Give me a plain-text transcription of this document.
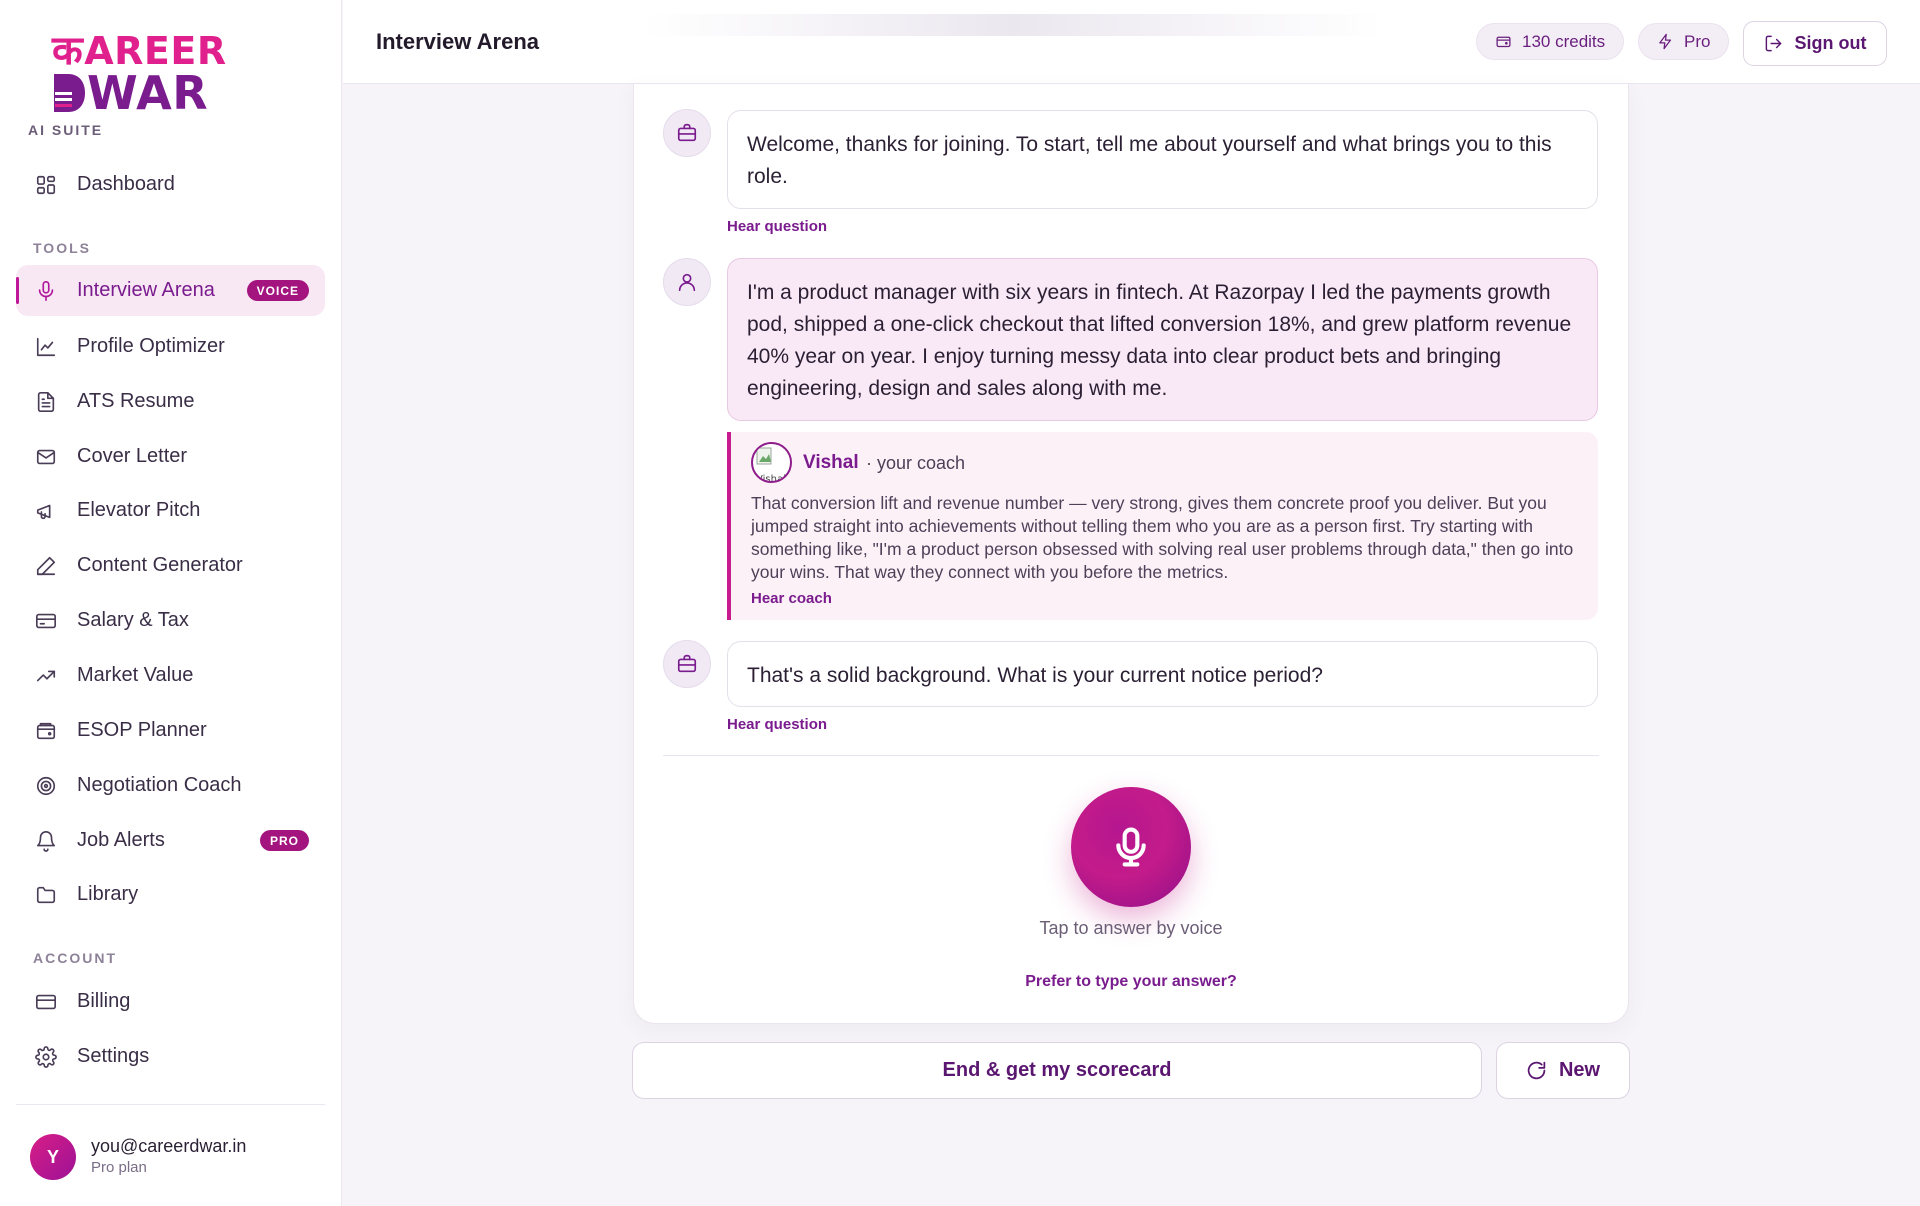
क AREER
WAR
AI SUITE
Dashboard
TOOLS
Interview Arena	VOICE
Profile Optimizer
ATS Resume
Cover Letter
Elevator Pitch
Content Generator
Salary & Tax
Market Value
ESOP Planner
Negotiation Coach
Job Alerts	PRO
Library
ACCOUNT
Billing
Settings
Y
you@careerdwar.in
Pro plan
Interview Arena	130 credits	Pro	Sign out
Welcome, thanks for joining. To start, tell me about yourself and what brings you to this role.
Hear question
I'm a product manager with six years in fintech. At Razorpay I led the payments growth pod, shipped a one-click checkout that lifted conversion 18%, and grew platform revenue 40% year on year. I enjoy turning messy data into clear product bets and bringing engineering, design and sales along with me.
Vishal
Vishal · your coach
That conversion lift and revenue number — very strong, gives them concrete proof you deliver. But you jumped straight into achievements without telling them who you are as a person first. Try starting with something like, "I'm a product person obsessed with solving real user problems through data," then go into your wins. That way they connect with you before the metrics.
Hear coach
That's a solid background. What is your current notice period?
Hear question
Tap to answer by voice
Prefer to type your answer?
End & get my scorecard	New
